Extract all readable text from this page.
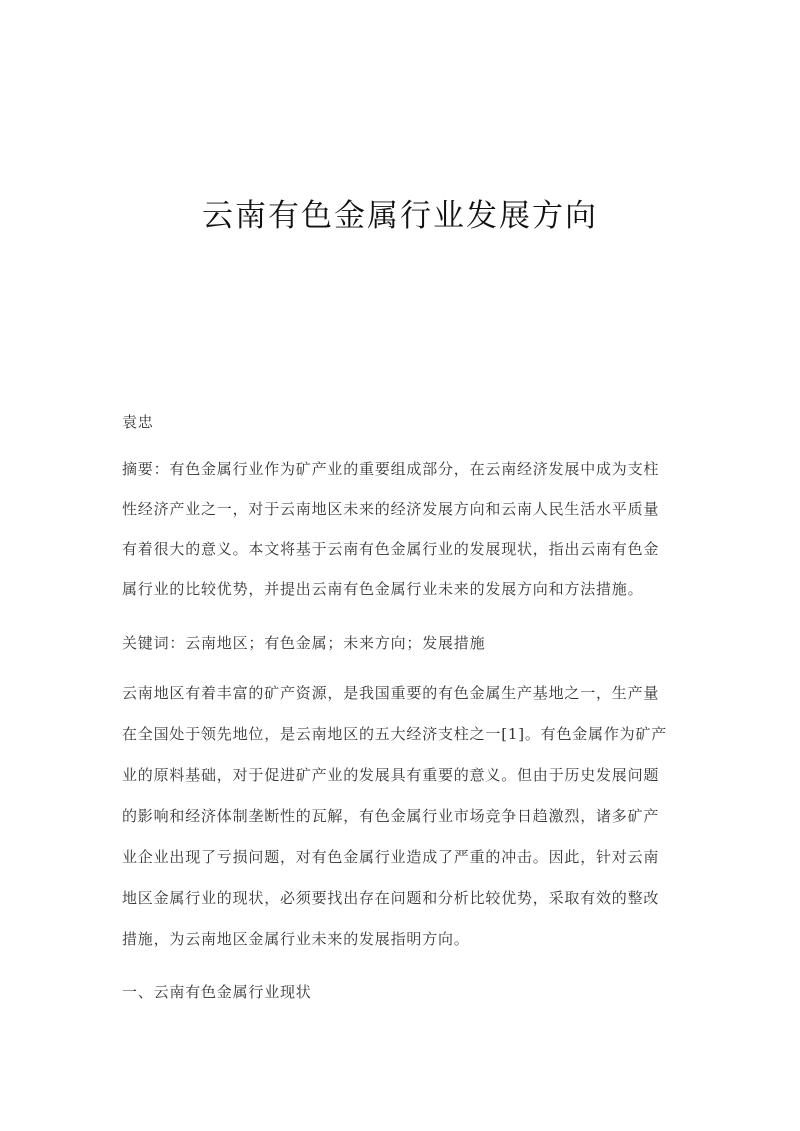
云南有色金属行业发展方向
袁忠
摘要：有色金属行业作为矿产业的重要组成部分，在云南经济发展中成为支柱
性经济产业之一，对于云南地区未来的经济发展方向和云南人民生活水平质量
有着很大的意义。本文将基于云南有色金属行业的发展现状，指出云南有色金
属行业的比较优势，并提出云南有色金属行业未来的发展方向和方法措施。
关键词：云南地区；有色金属；未来方向；发展措施
云南地区有着丰富的矿产资源，是我国重要的有色金属生产基地之一，生产量
在全国处于领先地位，是云南地区的五大经济支柱之一[1]。有色金属作为矿产
业的原料基础，对于促进矿产业的发展具有重要的意义。但由于历史发展问题
的影响和经济体制垄断性的瓦解，有色金属行业市场竞争日趋激烈，诸多矿产
业企业出现了亏损问题，对有色金属行业造成了严重的冲击。因此，针对云南
地区金属行业的现状，必须要找出存在问题和分析比较优势，采取有效的整改
措施，为云南地区金属行业未来的发展指明方向。
一、云南有色金属行业现状
